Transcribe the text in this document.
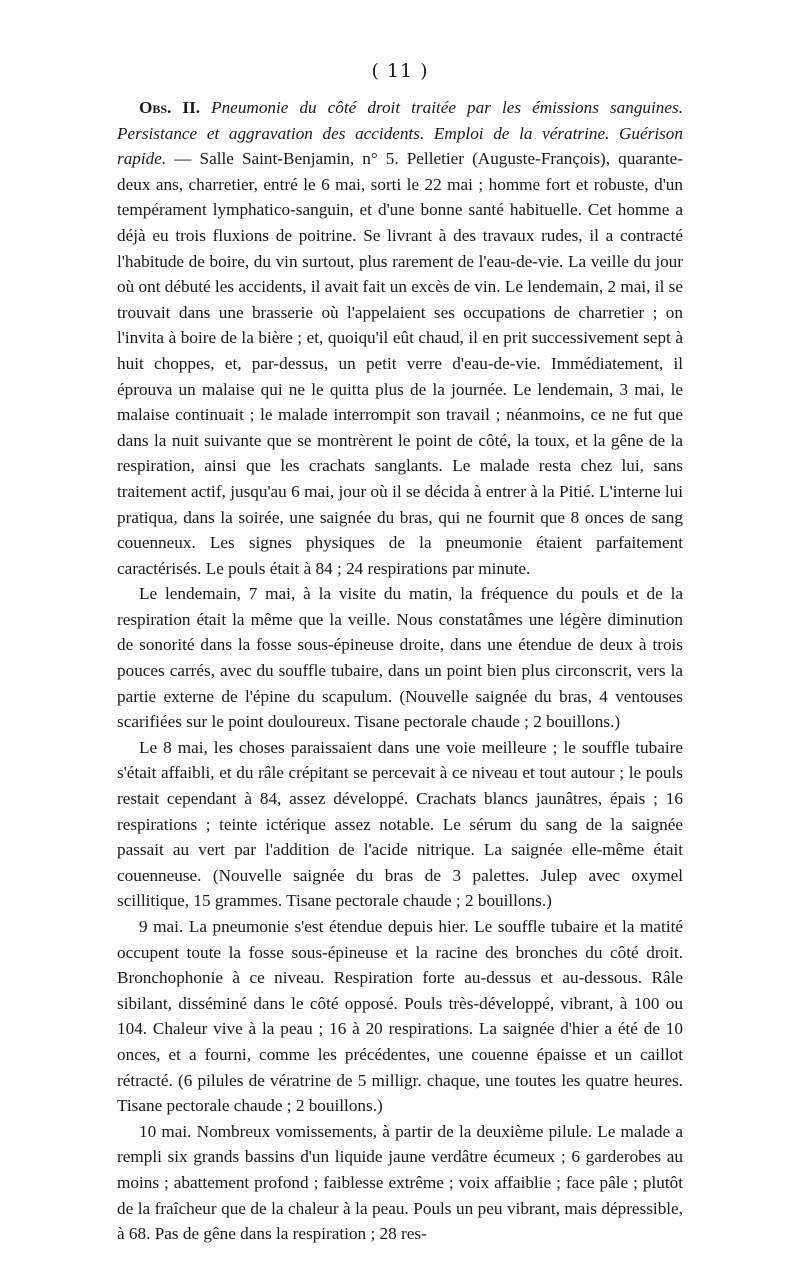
( 11 )

Obs. II. Pneumonie du côté droit traitée par les émissions sanguines. Persistance et aggravation des accidents. Emploi de la vératrine. Guérison rapide. — Salle Saint-Benjamin, n° 5. Pelletier (Auguste-François), quarante-deux ans, charretier, entré le 6 mai, sorti le 22 mai ; homme fort et robuste, d'un tempérament lymphatico-sanguin, et d'une bonne santé habituelle. Cet homme a déjà eu trois fluxions de poitrine. Se livrant à des travaux rudes, il a contracté l'habitude de boire, du vin surtout, plus rarement de l'eau-de-vie. La veille du jour où ont débuté les accidents, il avait fait un excès de vin. Le lendemain, 2 mai, il se trouvait dans une brasserie où l'appelaient ses occupations de charretier ; on l'invita à boire de la bière ; et, quoiqu'il eût chaud, il en prit successivement sept à huit choppes, et, par-dessus, un petit verre d'eau-de-vie. Immédiatement, il éprouva un malaise qui ne le quitta plus de la journée. Le lendemain, 3 mai, le malaise continuait ; le malade interrompit son travail ; néanmoins, ce ne fut que dans la nuit suivante que se montrèrent le point de côté, la toux, et la gêne de la respiration, ainsi que les crachats sanglants. Le malade resta chez lui, sans traitement actif, jusqu'au 6 mai, jour où il se décida à entrer à la Pitié. L'interne lui pratiqua, dans la soirée, une saignée du bras, qui ne fournit que 8 onces de sang couenneux. Les signes physiques de la pneumonie étaient parfaitement caractérisés. Le pouls était à 84 ; 24 respirations par minute.

Le lendemain, 7 mai, à la visite du matin, la fréquence du pouls et de la respiration était la même que la veille. Nous constatâmes une légère diminution de sonorité dans la fosse sous-épineuse droite, dans une étendue de deux à trois pouces carrés, avec du souffle tubaire, dans un point bien plus circonscrit, vers la partie externe de l'épine du scapulum. (Nouvelle saignée du bras, 4 ventouses scarifiées sur le point douloureux. Tisane pectorale chaude ; 2 bouillons.)

Le 8 mai, les choses paraissaient dans une voie meilleure ; le souffle tubaire s'était affaibli, et du râle crépitant se percevait à ce niveau et tout autour ; le pouls restait cependant à 84, assez développé. Crachats blancs jaunâtres, épais ; 16 respirations ; teinte ictérique assez notable. Le sérum du sang de la saignée passait au vert par l'addition de l'acide nitrique. La saignée elle-même était couenneuse. (Nouvelle saignée du bras de 3 palettes. Julep avec oxymel scillitique, 15 grammes. Tisane pectorale chaude ; 2 bouillons.)

9 mai. La pneumonie s'est étendue depuis hier. Le souffle tubaire et la matité occupent toute la fosse sous-épineuse et la racine des bronches du côté droit. Bronchophonie à ce niveau. Respiration forte au-dessus et au-dessous. Râle sibilant, disséminé dans le côté opposé. Pouls très-développé, vibrant, à 100 ou 104. Chaleur vive à la peau ; 16 à 20 respirations. La saignée d'hier a été de 10 onces, et a fourni, comme les précédentes, une couenne épaisse et un caillot rétracté. (6 pilules de vératrine de 5 milligr. chaque, une toutes les quatre heures. Tisane pectorale chaude ; 2 bouillons.)

10 mai. Nombreux vomissements, à partir de la deuxième pilule. Le malade a rempli six grands bassins d'un liquide jaune verdâtre écumeux ; 6 garderobes au moins ; abattement profond ; faiblesse extrême ; voix affaiblie ; face pâle ; plutôt de la fraîcheur que de la chaleur à la peau. Pouls un peu vibrant, mais dépressible, à 68. Pas de gêne dans la respiration ; 28 res-
